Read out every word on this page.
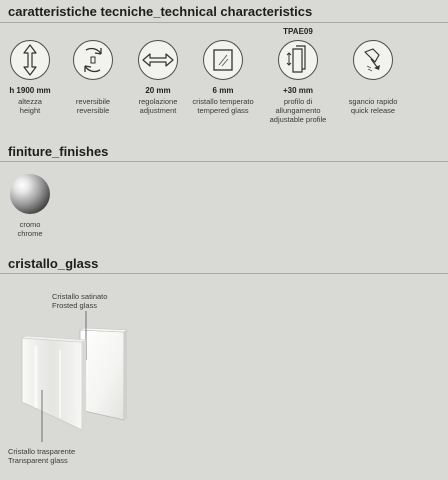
caratteristiche tecniche_technical characteristics
h 1900 mm
altezza
height
reversibile
reversible
20 mm
regolazione
adjustment
6 mm
cristallo temperato
tempered glass
TPAE09
+30 mm
profilo di allungamento
adjustable profile
sgancio rapido
quick release
finiture_finishes
cromo
chrome
cristallo_glass
Cristallo satinato
Frosted glass
Cristallo trasparente
Transparent glass
